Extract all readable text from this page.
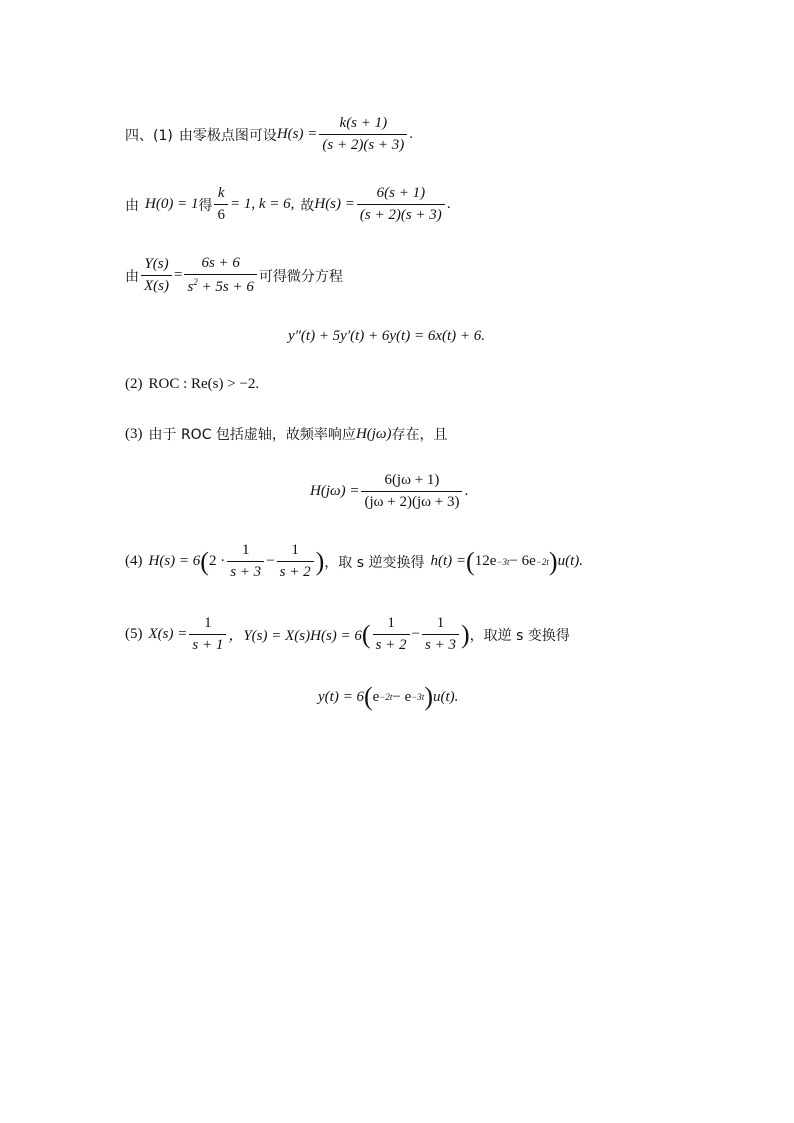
四、(1) 由零极点图可设 $H(s) = \frac{k(s + 1)}{(s + 2)(s + 3)}$ .
由 H(0) = 1 得 $\frac{k}{6} = 1$, k = 6, 故 $H(s) = \frac{6(s + 1)}{(s + 2)(s + 3)}$ .
由 $\frac{Y(s)}{X(s)} = \frac{6s + 6}{s^2 + 5s + 6}$ 可得微分方程
y″(t) + 5y′(t) + 6y(t) = 6x(t) + 6.
(2) ROC : Re(s) > −2.
(3) 由于 ROC 包括虚轴，故频率响应 H(jω) 存在，且
$H(j\omega) = \frac{6(j\omega + 1)}{(j\omega + 2)(j\omega + 3)}$ .
(4) H(s) = 6 ( $2 \cdot \frac{1}{s + 3} - \frac{1}{s + 2}$ ) ，取 s 逆变换得 h(t) = ( 12e −3t − 6e −2t ) u(t).
(5) $X(s) = \frac{1}{s + 1}$ ，Y(s) = X(s)H(s) = 6 ( $\frac{1}{s + 2} - \frac{1}{s + 3}$ ) ，取逆 s 变换得
y(t) = 6 ( e −2t − e −3t ) u(t).
